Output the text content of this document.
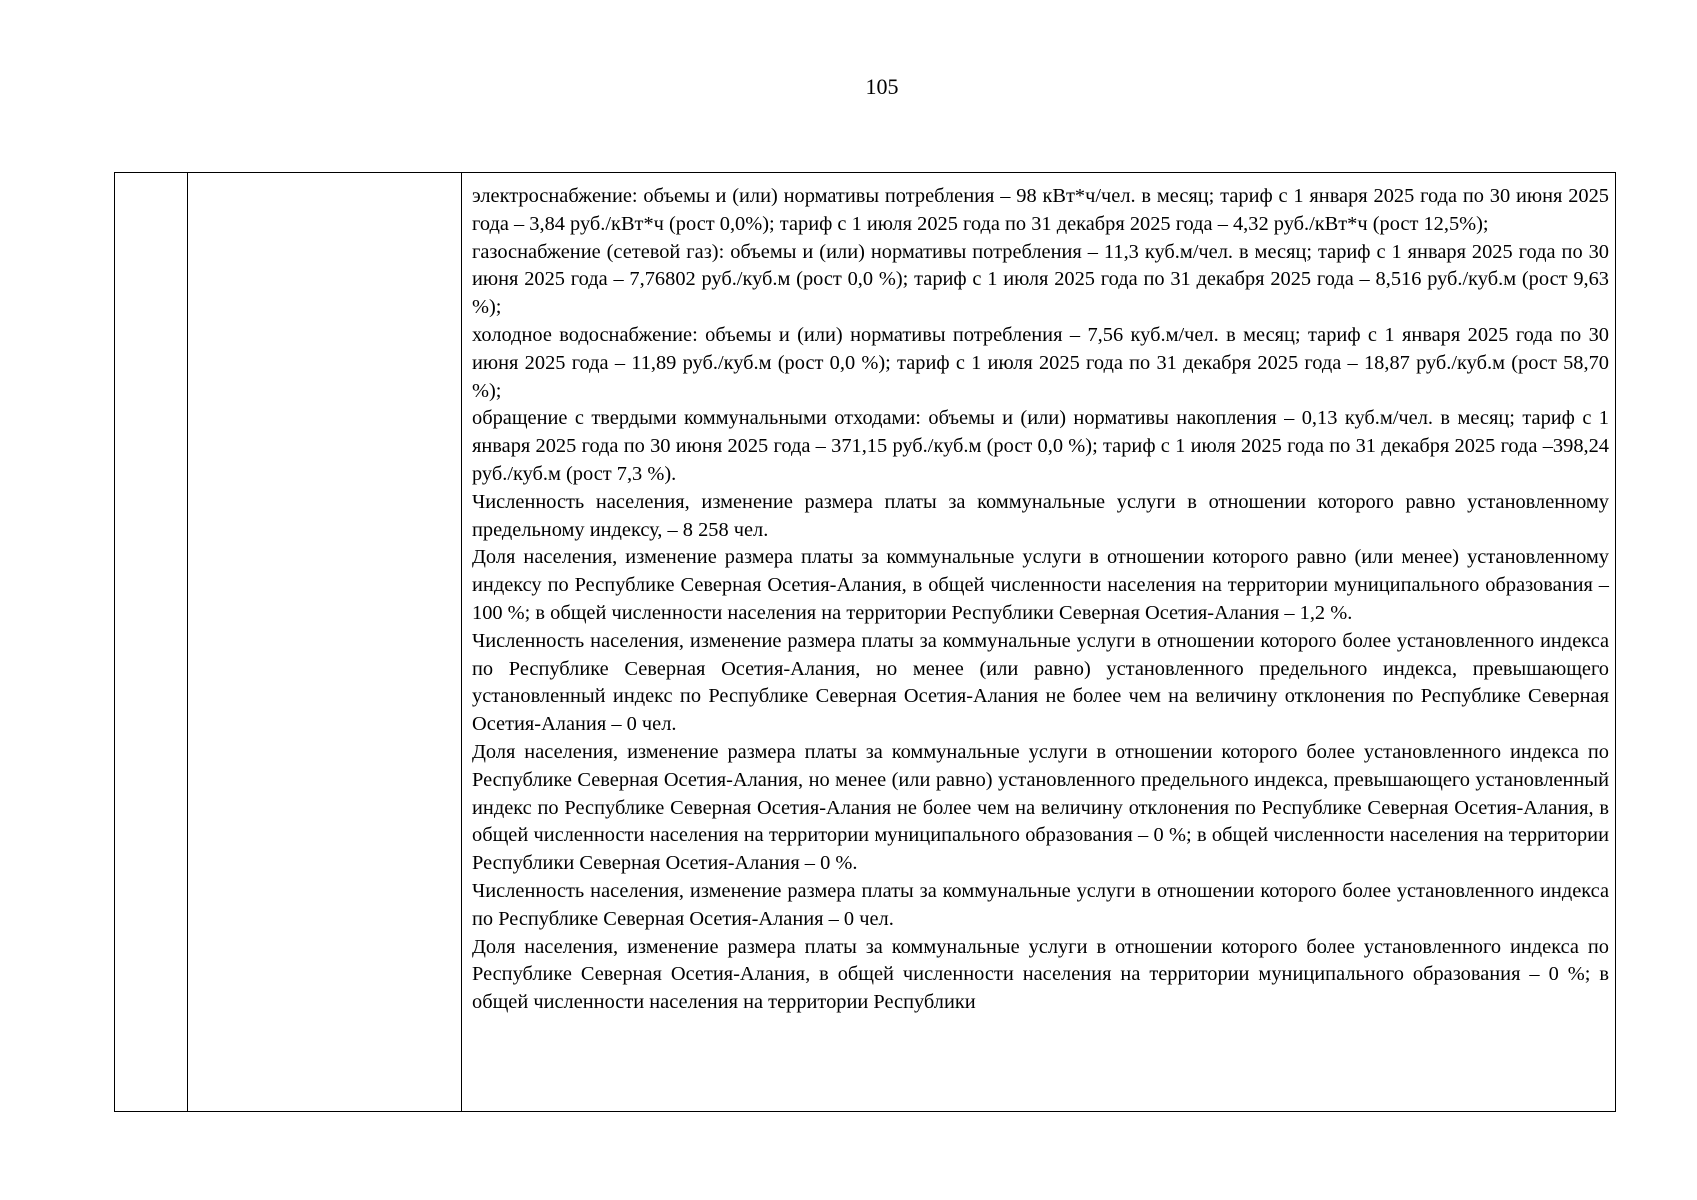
105

электроснабжение: объемы и (или) нормативы потребления – 98 кВт*ч/чел. в месяц; тариф с 1 января 2025 года по 30 июня 2025 года – 3,84 руб./кВт*ч (рост 0,0%); тариф с 1 июля 2025 года по 31 декабря 2025 года – 4,32 руб./кВт*ч (рост 12,5%);

газоснабжение (сетевой газ): объемы и (или) нормативы потребления – 11,3 куб.м/чел. в месяц; тариф с 1 января 2025 года по 30 июня 2025 года – 7,76802 руб./куб.м (рост 0,0 %); тариф с 1 июля 2025 года по 31 декабря 2025 года – 8,516 руб./куб.м (рост 9,63 %);

холодное водоснабжение: объемы и (или) нормативы потребления – 7,56 куб.м/чел. в месяц; тариф с 1 января 2025 года по 30 июня 2025 года – 11,89 руб./куб.м (рост 0,0 %); тариф с 1 июля 2025 года по 31 декабря 2025 года – 18,87 руб./куб.м (рост 58,70 %);

обращение с твердыми коммунальными отходами: объемы и (или) нормативы накопления – 0,13 куб.м/чел. в месяц; тариф с 1 января 2025 года по 30 июня 2025 года – 371,15 руб./куб.м (рост 0,0 %); тариф с 1 июля 2025 года по 31 декабря 2025 года –398,24 руб./куб.м (рост 7,3 %).

Численность населения, изменение размера платы за коммунальные услуги в отношении которого равно установленному предельному индексу, – 8 258 чел.

Доля населения, изменение размера платы за коммунальные услуги в отношении которого равно (или менее) установленному индексу по Республике Северная Осетия-Алания, в общей численности населения на территории муниципального образования – 100 %; в общей численности населения на территории Республики Северная Осетия-Алания – 1,2 %.

Численность населения, изменение размера платы за коммунальные услуги в отношении которого более установленного индекса по Республике Северная Осетия-Алания, но менее (или равно) установленного предельного индекса, превышающего установленный индекс по Республике Северная Осетия-Алания не более чем на величину отклонения по Республике Северная Осетия-Алания – 0 чел.

Доля населения, изменение размера платы за коммунальные услуги в отношении которого более установленного индекса по Республике Северная Осетия-Алания, но менее (или равно) установленного предельного индекса, превышающего установленный индекс по Республике Северная Осетия-Алания не более чем на величину отклонения по Республике Северная Осетия-Алания, в общей численности населения на территории муниципального образования – 0 %; в общей численности населения на территории Республики Северная Осетия-Алания – 0 %.

Численность населения, изменение размера платы за коммунальные услуги в отношении которого более установленного индекса по Республике Северная Осетия-Алания – 0 чел.

Доля населения, изменение размера платы за коммунальные услуги в отношении которого более установленного индекса по Республике Северная Осетия-Алания, в общей численности населения на территории муниципального образования – 0 %; в общей численности населения на территории Республики
